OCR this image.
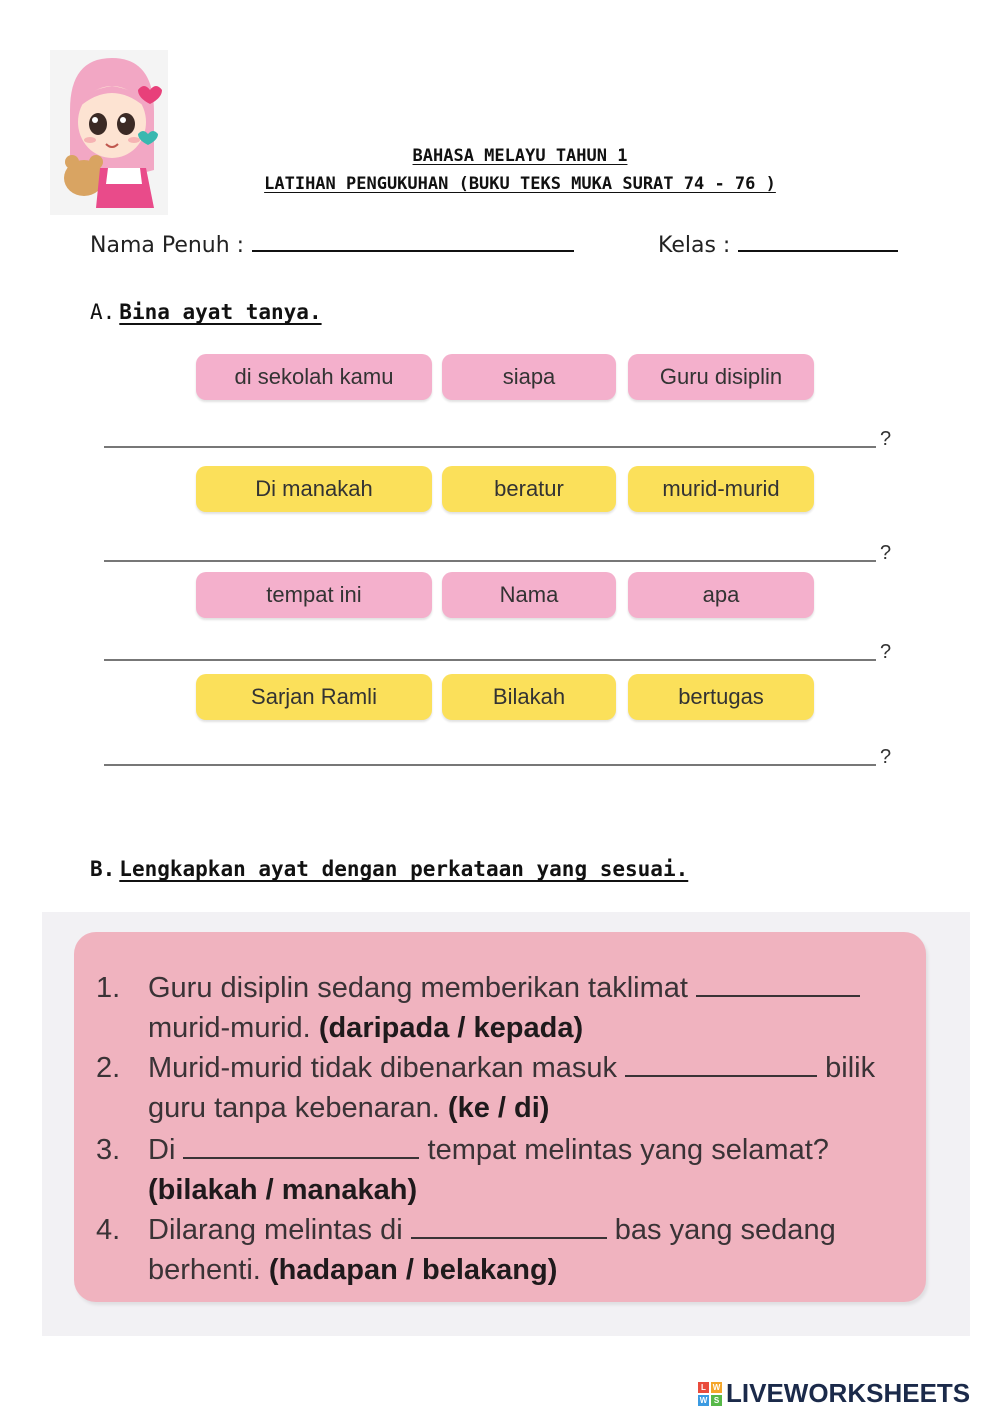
BAHASA MELAYU TAHUN 1
LATIHAN PENGUKUHAN (BUKU TEKS MUKA SURAT 74 - 76 )
Nama Penuh :	Kelas :
A. Bina ayat tanya.
di sekolah kamu	siapa	Guru disiplin
?
Di manakah	beratur	murid-murid
?
tempat ini	Nama	apa
?
Sarjan Ramli	Bilakah	bertugas
?
B. Lengkapkan ayat dengan perkataan yang sesuai.
1. Guru disiplin sedang memberikan taklimat
murid-murid. (daripada / kepada)
2. Murid-murid tidak dibenarkan masuk	bilik
guru tanpa kebenaran. (ke / di)
3. Di	tempat melintas yang selamat?
(bilakah / manakah)
4. Dilarang melintas di	bas yang sedang
berhenti. (hadapan / belakang)
L W
W S LIVEWORKSHEETS
